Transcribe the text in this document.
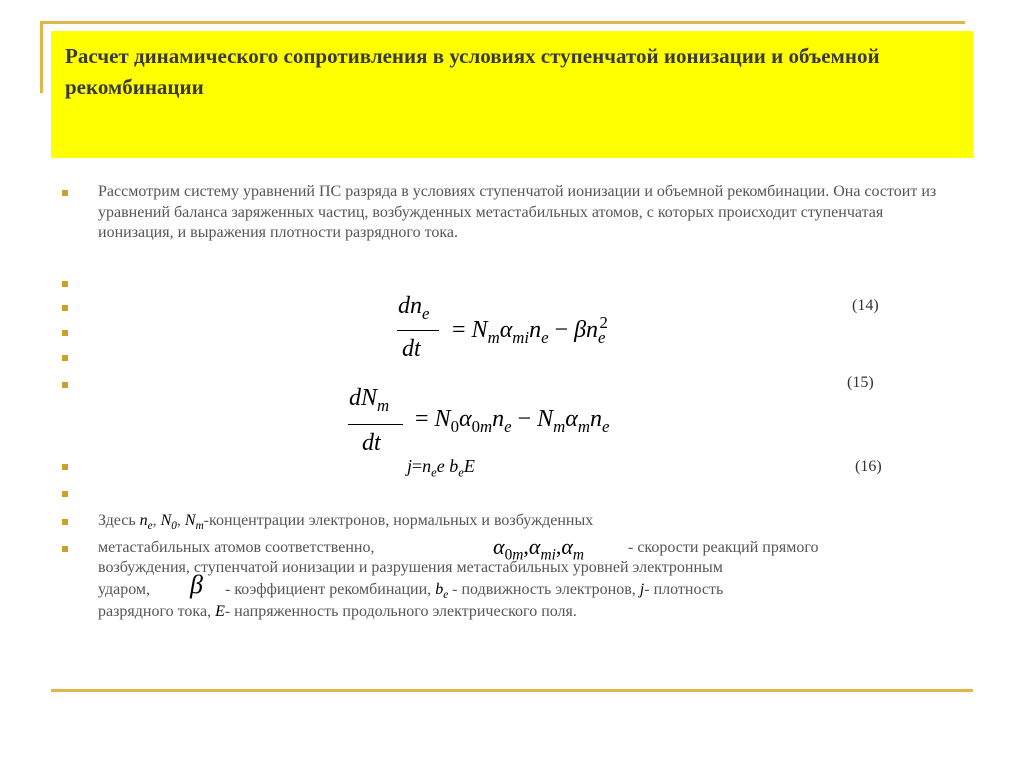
Расчет динамического сопротивления в условиях ступенчатой ионизации и объемной рекомбинации
Рассмотрим систему уравнений ПС разряда в условиях ступенчатой ионизации и объемной рекомбинации. Она состоит из уравнений баланса заряженных частиц, возбужденных метастабильных атомов, с которых происходит ступенчатая ионизация, и выражения плотности разрядного тока.
$dn_e$
dt
= $N_m\alpha_{mi}n_e - \beta n_e^2$
(14)
$dN_m$
dt
= $N_0\alpha_{0m}n_e - N_m\alpha_mn_e$
(15)
$j=n_ee$ $b_eE$	(16)
Здесь $n_e$, $N_0$, $N_m$-концентрации электронов, нормальных и возбужденных
метастабильных атомов соответственно,	$\alpha_{0m},\alpha_{mi},\alpha_m$	- скорости реакций прямого
возбуждения, ступенчатой ионизации и разрушения метастабильных уровней электронным
ударом, β - коэффициент рекомбинации, $b_e$ - подвижность электронов, j- плотность
разрядного тока, E- напряженность продольного электрического поля.
